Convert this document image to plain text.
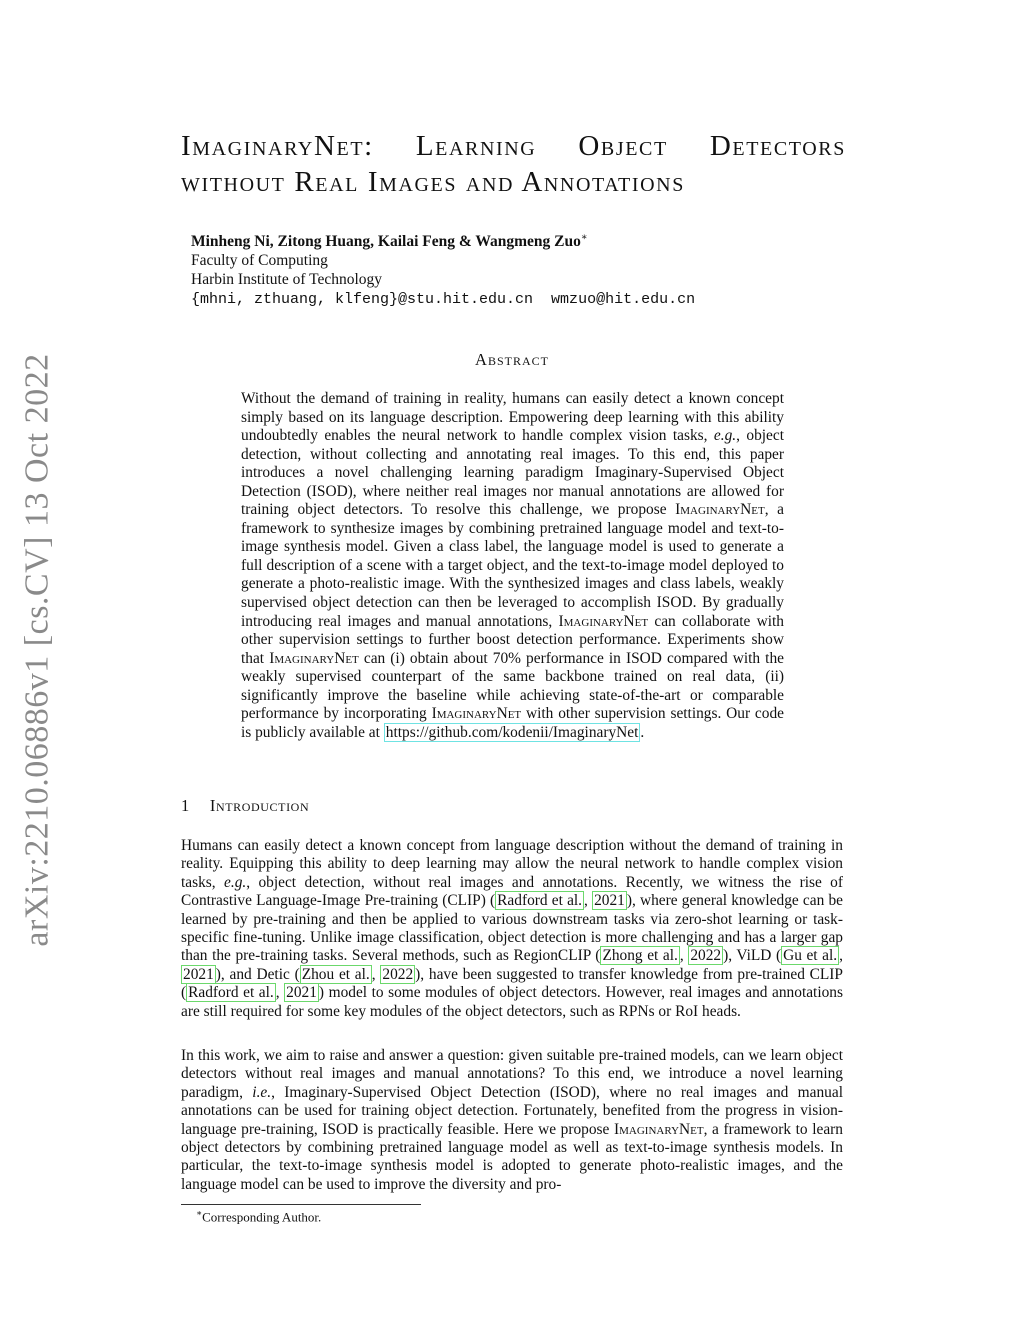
arXiv:2210.06886v1 [cs.CV] 13 Oct 2022
ImaginaryNet: Learning Object Detectors
without Real Images and Annotations
Minheng Ni, Zitong Huang, Kailai Feng & Wangmeng Zuo∗
Faculty of Computing
Harbin Institute of Technology
{mhni, zthuang, klfeng}@stu.hit.edu.cn  wmzuo@hit.edu.cn
Abstract
Without the demand of training in reality, humans can easily detect a known concept simply based on its language description. Empowering deep learning with this ability undoubtedly enables the neural network to handle complex vision tasks, e.g., object detection, without collecting and annotating real images. To this end, this paper introduces a novel challenging learning paradigm Imaginary-Supervised Object Detection (ISOD), where neither real images nor manual annotations are allowed for training object detectors. To resolve this challenge, we propose ImaginaryNet, a framework to synthesize images by combining pretrained language model and text-to-image synthesis model. Given a class label, the language model is used to generate a full description of a scene with a target object, and the text-to-image model deployed to generate a photo-realistic image. With the synthesized images and class labels, weakly supervised object detection can then be leveraged to accomplish ISOD. By gradually introducing real images and manual annotations, ImaginaryNet can collaborate with other supervision settings to further boost detection performance. Experiments show that ImaginaryNet can (i) obtain about 70% performance in ISOD compared with the weakly supervised counterpart of the same backbone trained on real data, (ii) significantly improve the baseline while achieving state-of-the-art or comparable performance by incorporating ImaginaryNet with other supervision settings. Our code is publicly available at https://github.com/kodenii/ImaginaryNet .
1 Introduction
Humans can easily detect a known concept from language description without the demand of training in reality. Equipping this ability to deep learning may allow the neural network to handle complex vision tasks, e.g., object detection, without real images and annotations. Recently, we witness the rise of Contrastive Language-Image Pre-training (CLIP) ( Radford et al. , 2021 ), where general knowledge can be learned by pre-training and then be applied to various downstream tasks via zero-shot learning or task-specific fine-tuning. Unlike image classification, object detection is more challenging and has a larger gap than the pre-training tasks. Several methods, such as RegionCLIP ( Zhong et al. , 2022 ), ViLD ( Gu et al. , 2021 ), and Detic ( Zhou et al. , 2022 ), have been suggested to transfer knowledge from pre-trained CLIP ( Radford et al. , 2021 ) model to some modules of object detectors. However, real images and annotations are still required for some key modules of the object detectors, such as RPNs or RoI heads.
In this work, we aim to raise and answer a question: given suitable pre-trained models, can we learn object detectors without real images and manual annotations? To this end, we introduce a novel learning paradigm, i.e., Imaginary-Supervised Object Detection (ISOD), where no real images and manual annotations can be used for training object detection. Fortunately, benefited from the progress in vision-language pre-training, ISOD is practically feasible. Here we propose ImaginaryNet, a framework to learn object detectors by combining pretrained language model as well as text-to-image synthesis models. In particular, the text-to-image synthesis model is adopted to generate photo-realistic images, and the language model can be used to improve the diversity and pro-
∗Corresponding Author.
